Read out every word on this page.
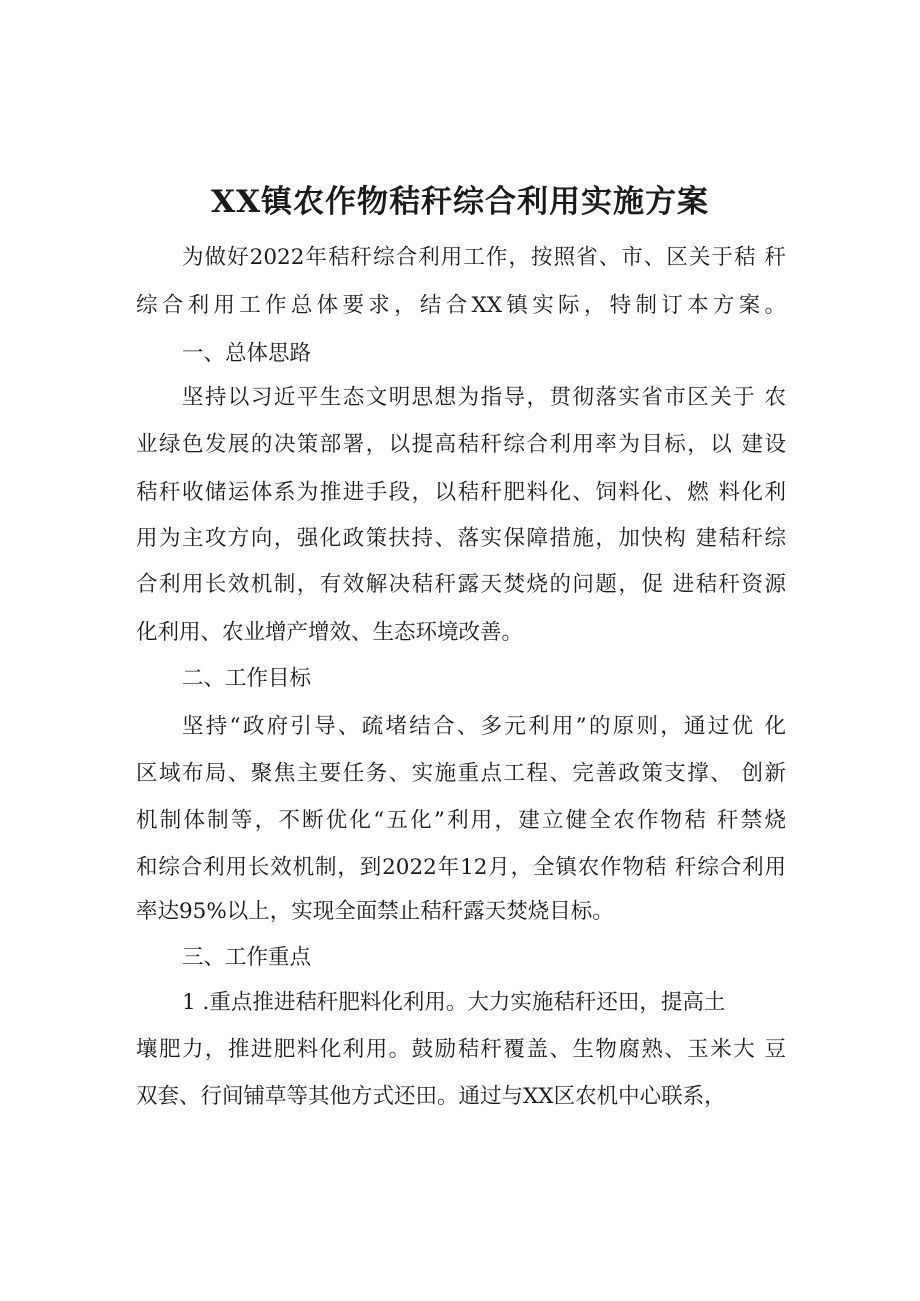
XX镇农作物秸秆综合利用实施方案
为做好2022年秸秆综合利用工作，按照省、市、区关于秸 秆
综合利用工作总体要求，结合XX镇实际，特制订本方案。
一、总体思路
坚持以习近平生态文明思想为指导，贯彻落实省市区关于 农
业绿色发展的决策部署，以提高秸秆综合利用率为目标，以 建设
秸秆收储运体系为推进手段，以秸秆肥料化、饲料化、燃 料化利
用为主攻方向，强化政策扶持、落实保障措施，加快构 建秸秆综
合利用长效机制，有效解决秸秆露天焚烧的问题，促 进秸秆资源
化利用、农业增产增效、生态环境改善。
二、工作目标
坚持“政府引导、疏堵结合、多元利用”的原则，通过优 化
区域布局、聚焦主要任务、实施重点工程、完善政策支撑、 创新
机制体制等，不断优化“五化”利用，建立健全农作物秸 秆禁烧
和综合利用长效机制，到2022年12月，全镇农作物秸 秆综合利用
率达95%以上，实现全面禁止秸秆露天焚烧目标。
三、工作重点
1 .重点推进秸秆肥料化利用。大力实施秸秆还田，提高土
壤肥力，推进肥料化利用。鼓励秸秆覆盖、生物腐熟、玉米大 豆
双套、行间铺草等其他方式还田。通过与XX区农机中心联系，
